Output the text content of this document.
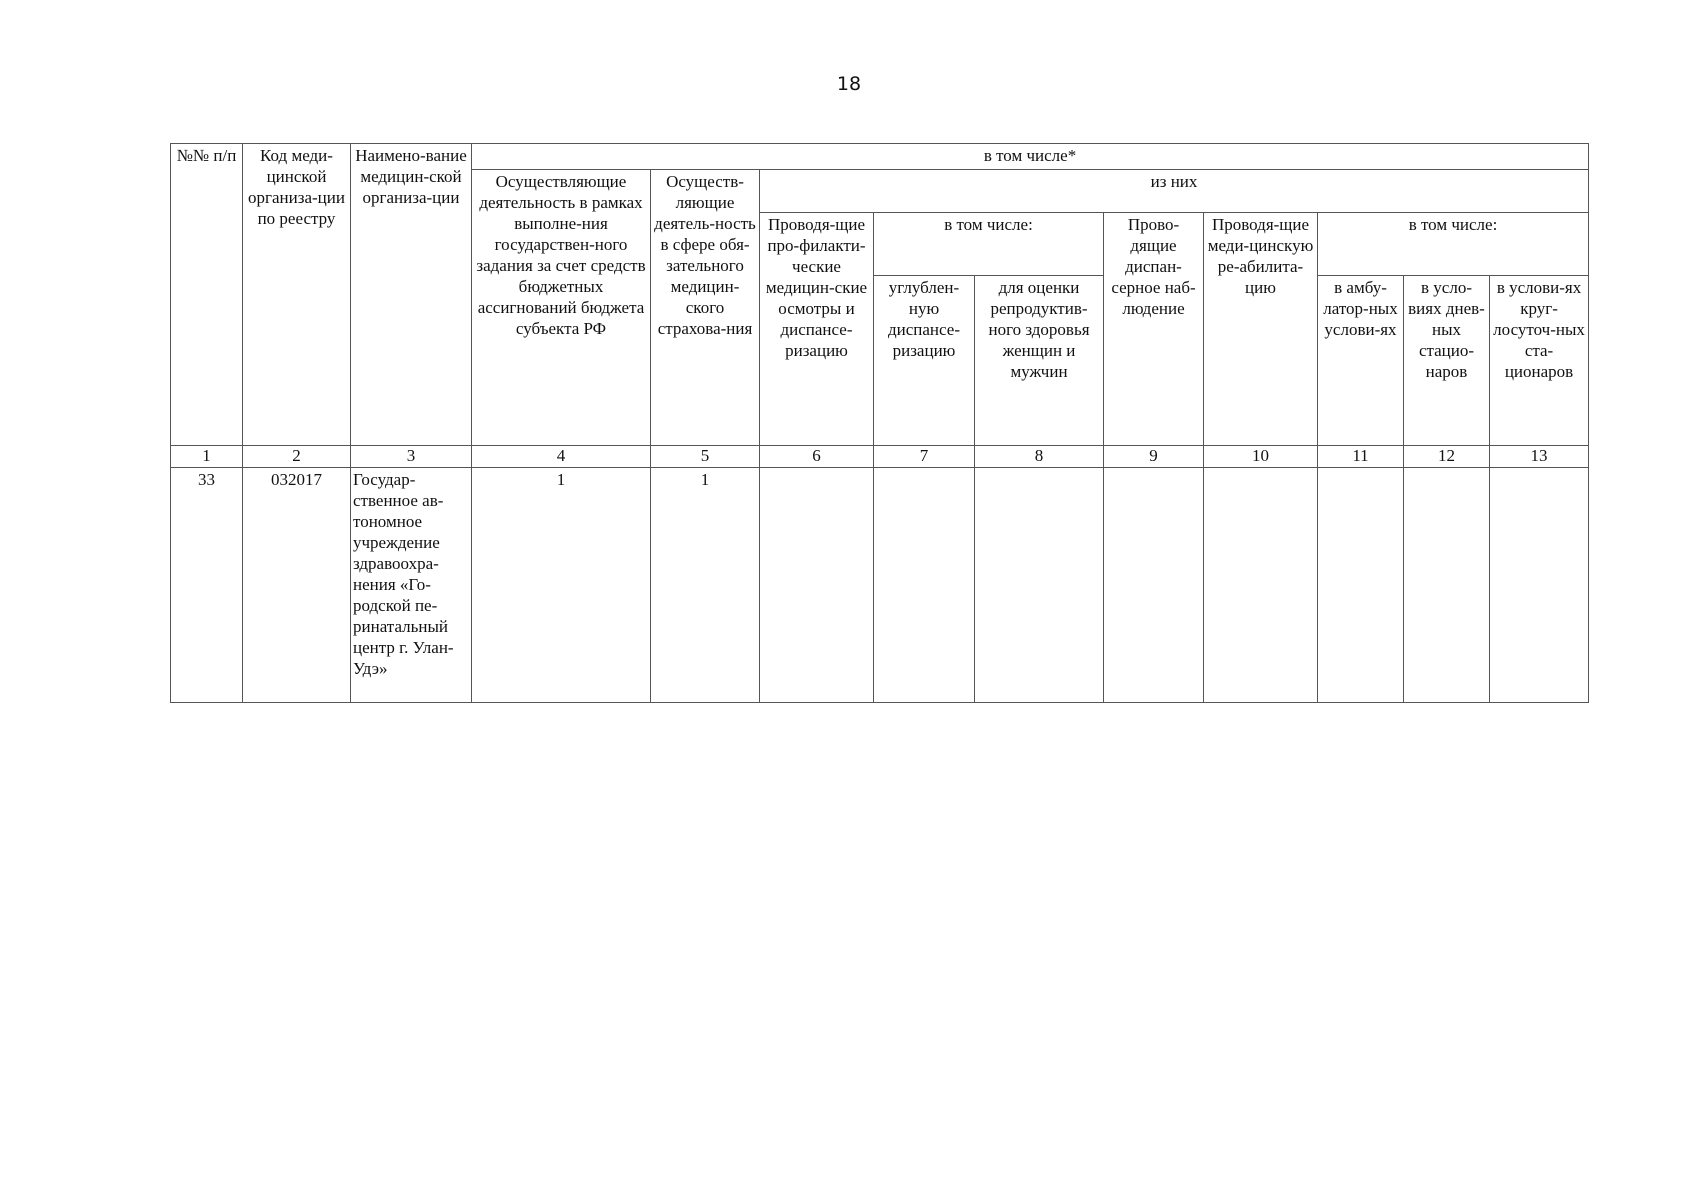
18
№№ п/п	Код меди-цинской организа-ции по реестру	Наимено-вание медицин-ской организа-ции	в том числе*									
			Осуществляющие деятельность в рамках выполне-ния государствен-ного задания за счет средств бюджетных ассигнований бюджета субъекта РФ	Осуществ-ляющие деятель-ность в сфере обя-зательного медицин-ского страхова-ния	из них							
					Проводя-щие про-филакти-ческие медицин-ские осмотры и диспансе-ризацию	в том числе:		Прово-дящие диспан-серное наб-людение	Проводя-щие меди-цинскую ре-абилита-цию	в том числе:		
						углублен-ную диспансе-ризацию	для оценки репродуктив-ного здоровья женщин и мужчин			в амбу-латор-ных услови-ях	в усло-виях днев-ных стацио-наров	в услови-ях круг-лосуточ-ных ста-ционаров
1	2	3	4	5	6	7	8	9	10	11	12	13
33	032017	Государ-ственное ав-тономное учреждение здравоохра-нения «Го-родской пе-ринатальный центр г. Улан-Удэ»	1	1								
